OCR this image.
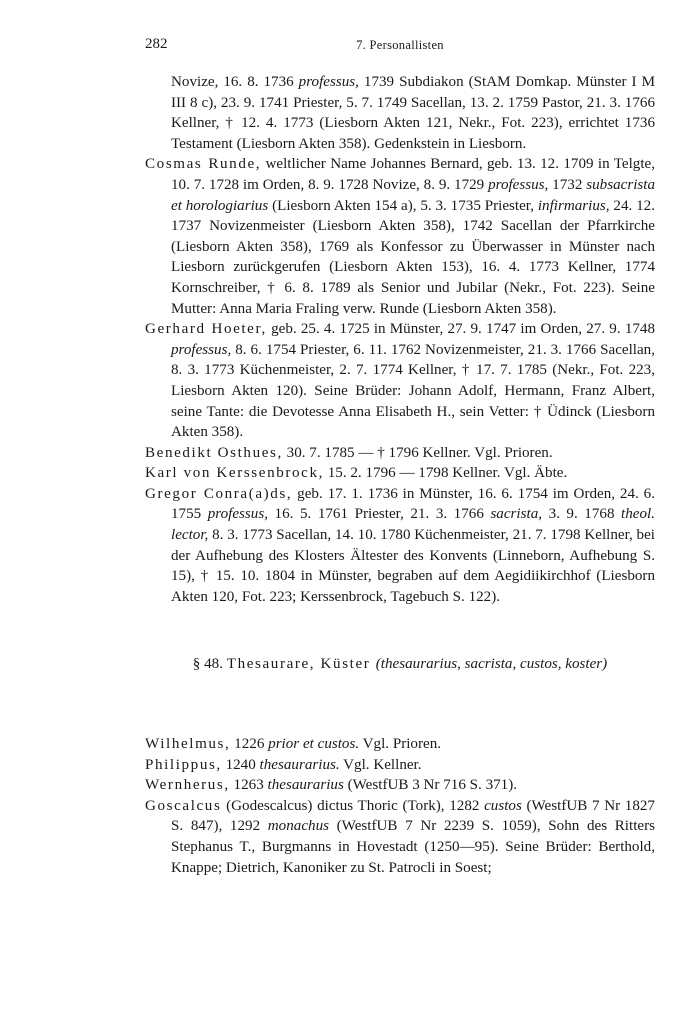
282	7. Personallisten

Novize, 16. 8. 1736 professus, 1739 Subdiakon (StAM Domkap. Münster I M III 8 c), 23. 9. 1741 Priester, 5. 7. 1749 Sacellan, 13. 2. 1759 Pastor, 21. 3. 1766 Kellner, † 12. 4. 1773 (Liesborn Akten 121, Nekr., Fot. 223), errichtet 1736 Testament (Liesborn Akten 358). Gedenkstein in Liesborn.

Cosmas Runde, weltlicher Name Johannes Bernard, geb. 13. 12. 1709 in Telgte, 10. 7. 1728 im Orden, 8. 9. 1728 Novize, 8. 9. 1729 professus, 1732 subsacrista et horologiarius (Liesborn Akten 154 a), 5. 3. 1735 Priester, infirmarius, 24. 12. 1737 Novizenmeister (Liesborn Akten 358), 1742 Sacellan der Pfarrkirche (Liesborn Akten 358), 1769 als Konfessor zu Überwasser in Münster nach Liesborn zurückgerufen (Liesborn Akten 153), 16. 4. 1773 Kellner, 1774 Kornschreiber, † 6. 8. 1789 als Senior und Jubilar (Nekr., Fot. 223). Seine Mutter: Anna Maria Fraling verw. Runde (Liesborn Akten 358).

Gerhard Hoeter, geb. 25. 4. 1725 in Münster, 27. 9. 1747 im Orden, 27. 9. 1748 professus, 8. 6. 1754 Priester, 6. 11. 1762 Novizenmeister, 21. 3. 1766 Sacellan, 8. 3. 1773 Küchenmeister, 2. 7. 1774 Kellner, † 17. 7. 1785 (Nekr., Fot. 223, Liesborn Akten 120). Seine Brüder: Johann Adolf, Hermann, Franz Albert, seine Tante: die Devotesse Anna Elisabeth H., sein Vetter: † Üdinck (Liesborn Akten 358).

Benedikt Osthues, 30. 7. 1785 — † 1796 Kellner. Vgl. Prioren.

Karl von Kerssenbrock, 15. 2. 1796 — 1798 Kellner. Vgl. Äbte.

Gregor Conra(a)ds, geb. 17. 1. 1736 in Münster, 16. 6. 1754 im Orden, 24. 6. 1755 professus, 16. 5. 1761 Priester, 21. 3. 1766 sacrista, 3. 9. 1768 theol. lector, 8. 3. 1773 Sacellan, 14. 10. 1780 Küchenmeister, 21. 7. 1798 Kellner, bei der Aufhebung des Klosters Ältester des Konvents (Linneborn, Aufhebung S. 15), † 15. 10. 1804 in Münster, begraben auf dem Aegidiikirchhof (Liesborn Akten 120, Fot. 223; Kerssenbrock, Tagebuch S. 122).

§ 48. Thesaurare, Küster (thesaurarius, sacrista, custos, koster)

Wilhelmus, 1226 prior et custos. Vgl. Prioren.

Philippus, 1240 thesaurarius. Vgl. Kellner.

Wernherus, 1263 thesaurarius (WestfUB 3 Nr 716 S. 371).

Goscalcus (Godescalcus) dictus Thoric (Tork), 1282 custos (WestfUB 7 Nr 1827 S. 847), 1292 monachus (WestfUB 7 Nr 2239 S. 1059), Sohn des Ritters Stephanus T., Burgmanns in Hovestadt (1250—95). Seine Brüder: Berthold, Knappe; Dietrich, Kanoniker zu St. Patrocli in Soest;
